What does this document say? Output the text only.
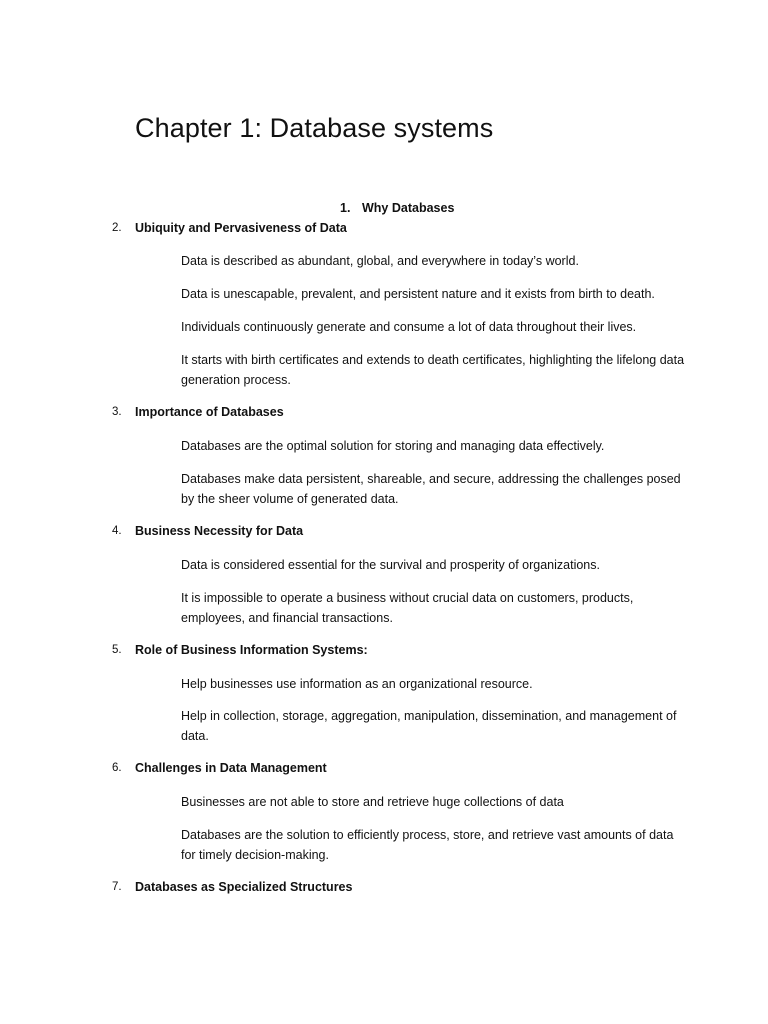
Chapter 1: Database systems
1. Why Databases
2. Ubiquity and Pervasiveness of Data
Data is described as abundant, global, and everywhere in today’s world.
Data is unescapable, prevalent, and persistent nature and it exists from birth to death.
Individuals continuously generate and consume a lot of data throughout their lives.
It starts with birth certificates and extends to death certificates, highlighting the lifelong data generation process.
3. Importance of Databases
Databases are the optimal solution for storing and managing data effectively.
Databases make data persistent, shareable, and secure, addressing the challenges posed by the sheer volume of generated data.
4. Business Necessity for Data
Data is considered essential for the survival and prosperity of organizations.
It is impossible to operate a business without crucial data on customers, products, employees, and financial transactions.
5. Role of Business Information Systems:
Help businesses use information as an organizational resource.
Help in collection, storage, aggregation, manipulation, dissemination, and management of data.
6. Challenges in Data Management
Businesses are not able to store and retrieve huge collections of data
Databases are the solution to efficiently process, store, and retrieve vast amounts of data for timely decision-making.
7. Databases as Specialized Structures
